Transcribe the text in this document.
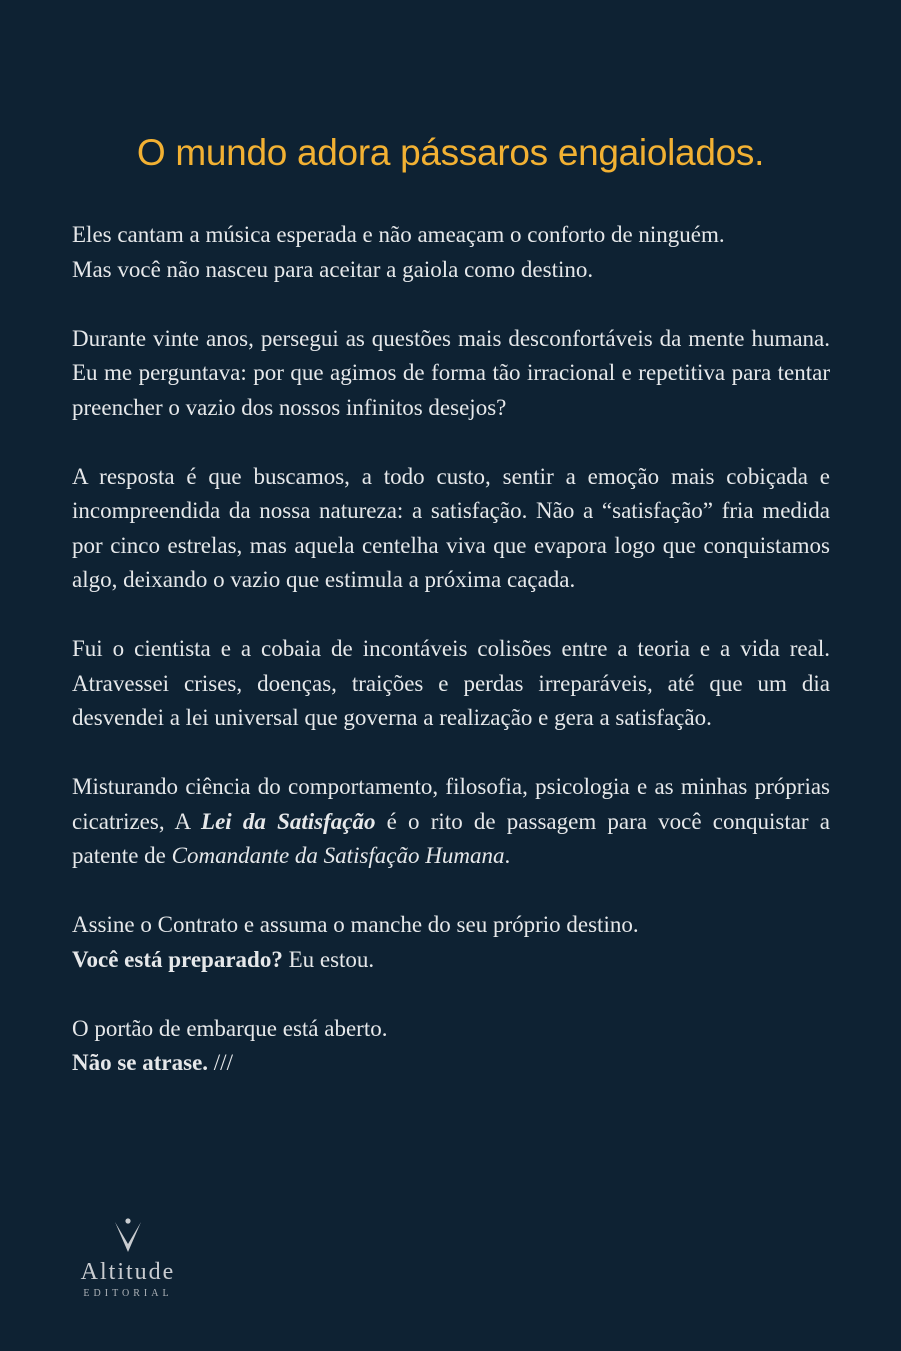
O mundo adora pássaros engaiolados.

Eles cantam a música esperada e não ameaçam o conforto de ninguém.
Mas você não nasceu para aceitar a gaiola como destino.

Durante vinte anos, persegui as questões mais desconfortáveis da mente humana. Eu me perguntava: por que agimos de forma tão irracional e repetitiva para tentar preencher o vazio dos nossos infinitos desejos?

A resposta é que buscamos, a todo custo, sentir a emoção mais cobiçada e incompreendida da nossa natureza: a satisfação. Não a “satisfação” fria medida por cinco estrelas, mas aquela centelha viva que evapora logo que conquistamos algo, deixando o vazio que estimula a próxima caçada.

Fui o cientista e a cobaia de incontáveis colisões entre a teoria e a vida real. Atravessei crises, doenças, traições e perdas irreparáveis, até que um dia desvendei a lei universal que governa a realização e gera a satisfação.

Misturando ciência do comportamento, filosofia, psicologia e as minhas próprias cicatrizes, A Lei da Satisfação é o rito de passagem para você conquistar a patente de Comandante da Satisfação Humana.

Assine o Contrato e assuma o manche do seu próprio destino.
Você está preparado? Eu estou.

O portão de embarque está aberto.
Não se atrase. ///

Altitude
EDITORIAL
